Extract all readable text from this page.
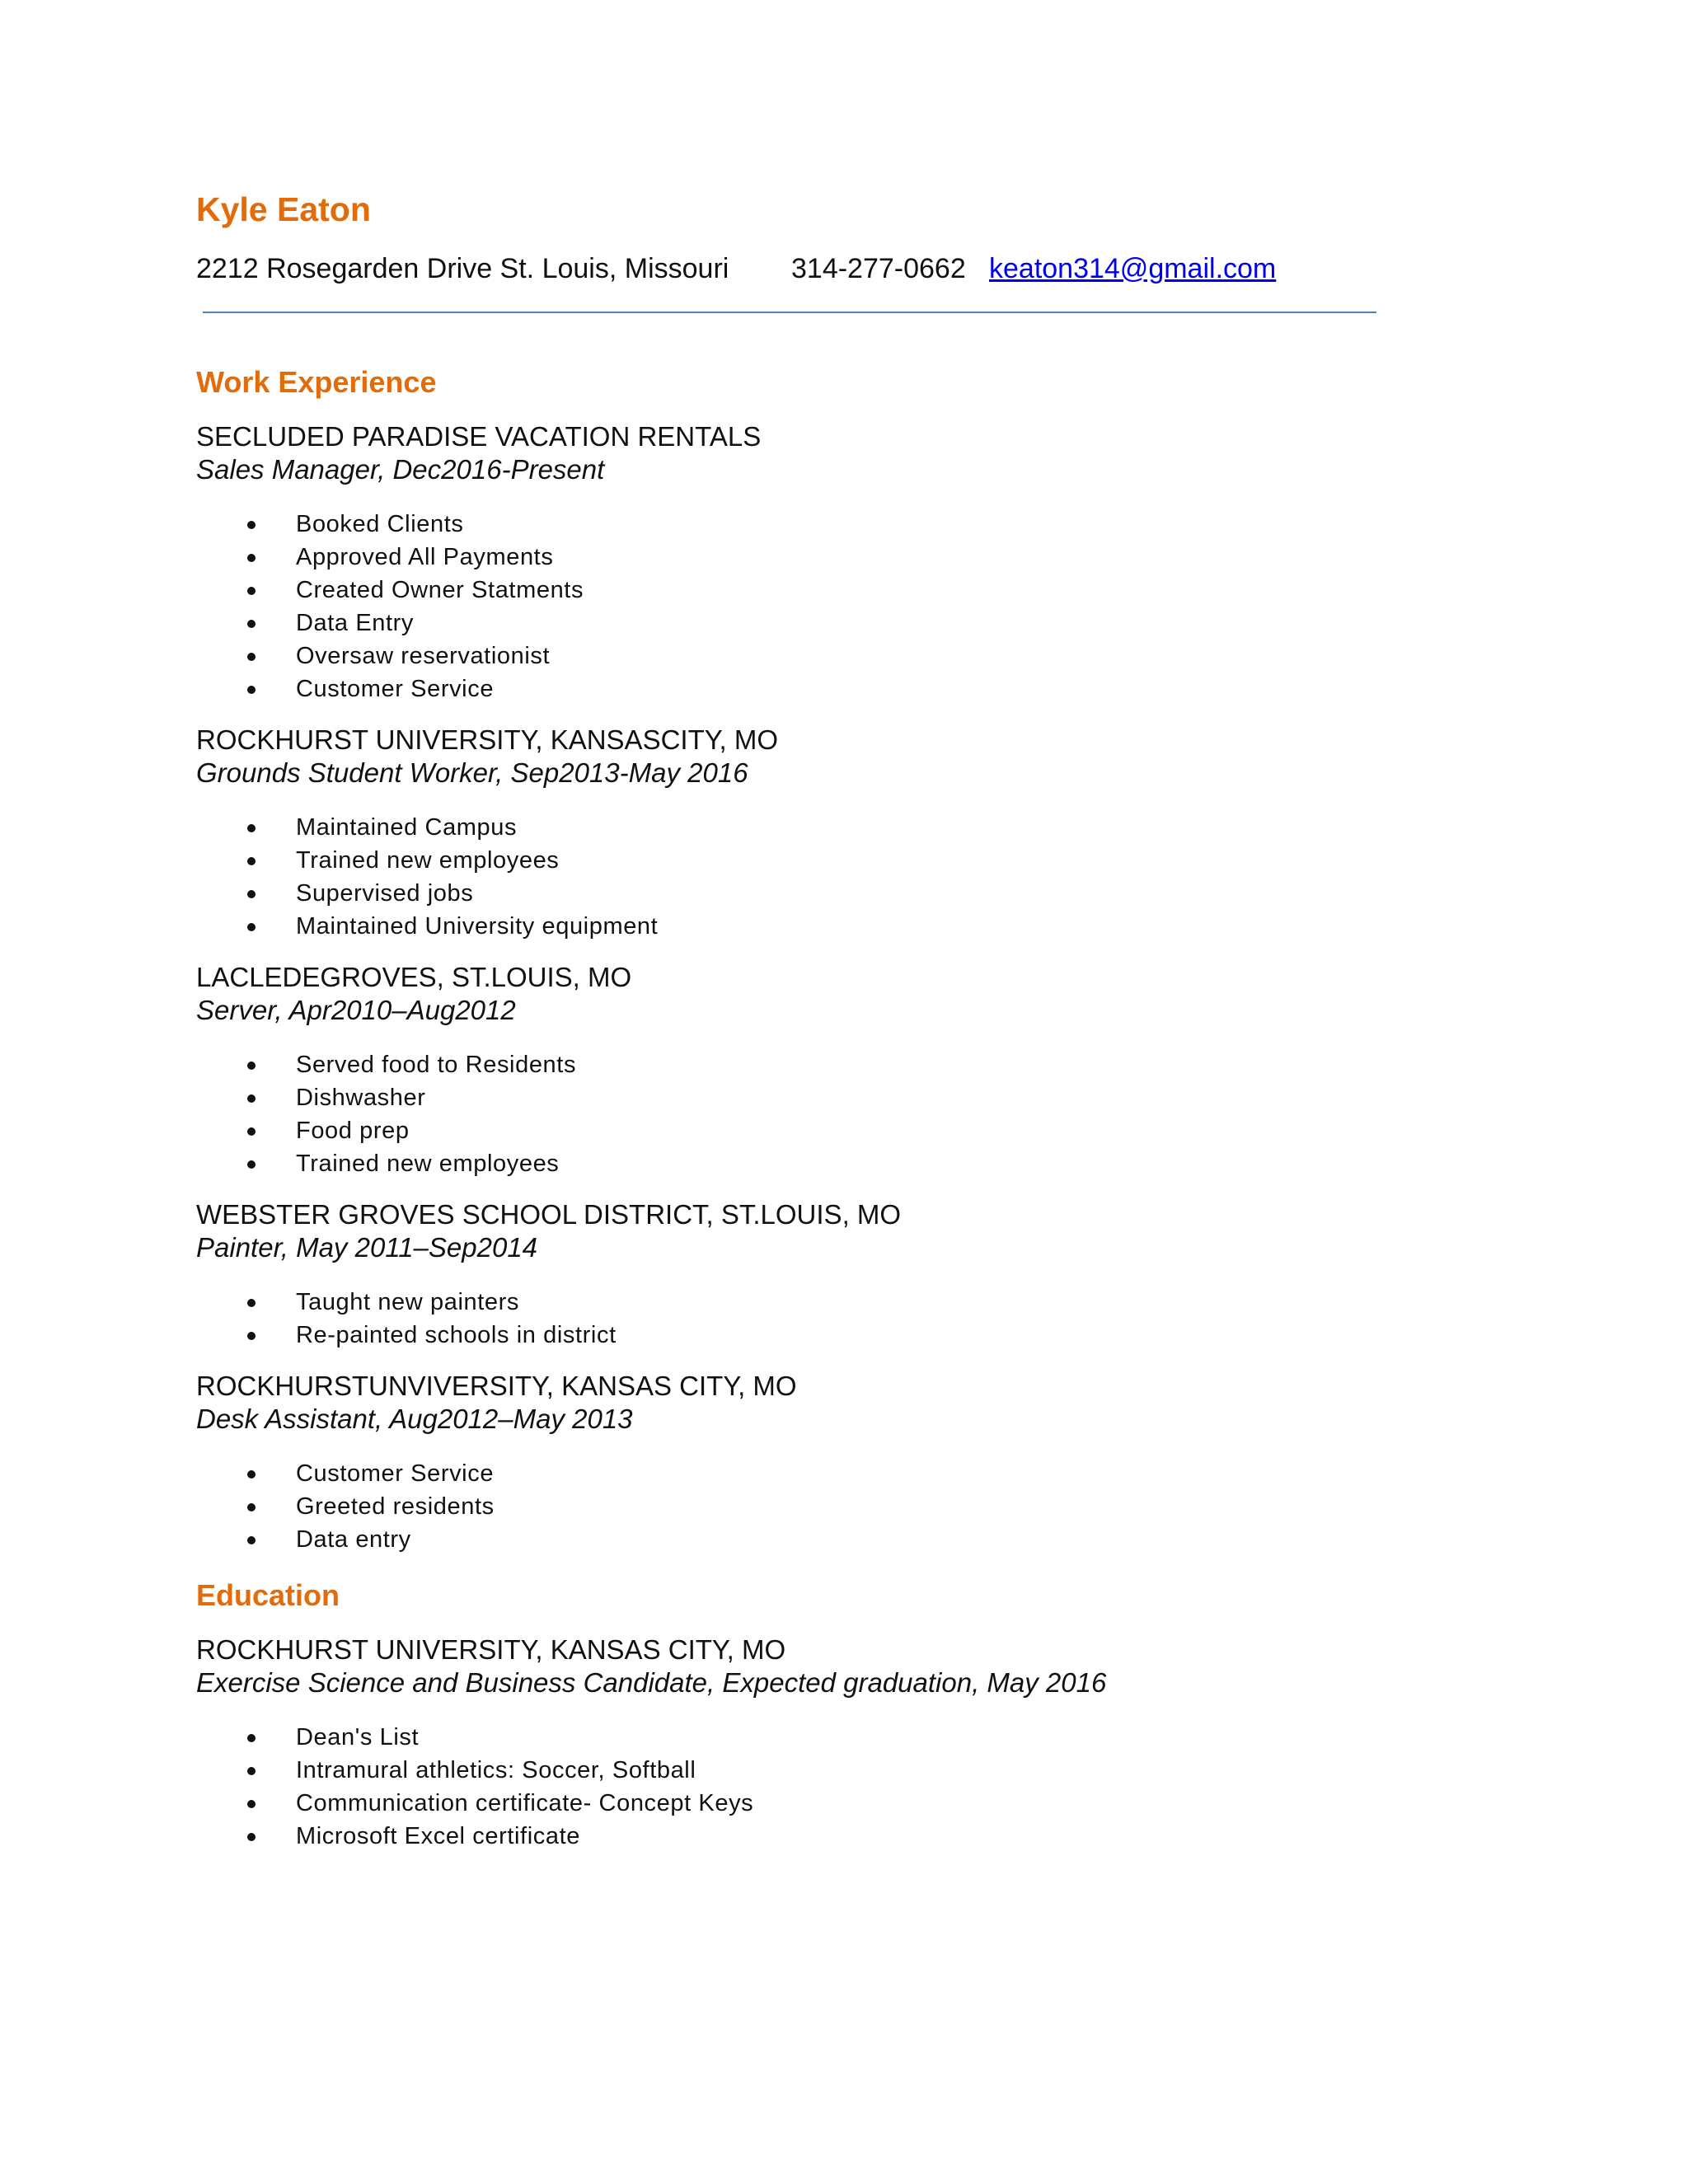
Kyle Eaton
2212 Rosegarden Drive St. Louis, Missouri	314-277-0662 keaton314@gmail.com
Work Experience
SECLUDED PARADISE VACATION RENTALS
Sales Manager, Dec2016-Present
Booked Clients
Approved All Payments
Created Owner Statments
Data Entry
Oversaw reservationist
Customer Service
ROCKHURST UNIVERSITY, KANSASCITY, MO
Grounds Student Worker, Sep2013-May 2016
Maintained Campus
Trained new employees
Supervised jobs
Maintained University equipment
LACLEDEGROVES, ST.LOUIS, MO
Server, Apr2010–Aug2012
Served food to Residents
Dishwasher
Food prep
Trained new employees
WEBSTER GROVES SCHOOL DISTRICT, ST.LOUIS, MO
Painter, May 2011–Sep2014
Taught new painters
Re-painted schools in district
ROCKHURSTUNVIVERSITY, KANSAS CITY, MO
Desk Assistant, Aug2012–May 2013
Customer Service
Greeted residents
Data entry
Education
ROCKHURST UNIVERSITY, KANSAS CITY, MO
Exercise Science and Business Candidate, Expected graduation, May 2016
Dean's List
Intramural athletics: Soccer, Softball
Communication certificate- Concept Keys
Microsoft Excel certificate
